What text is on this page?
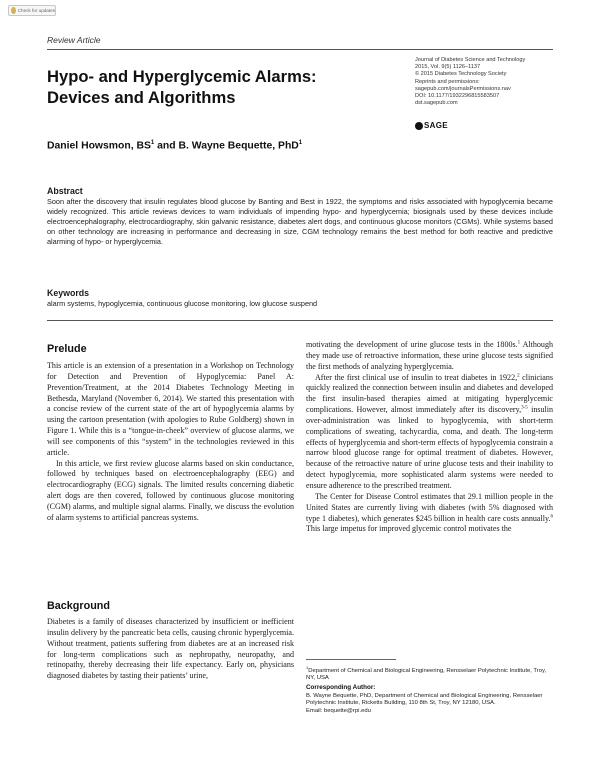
Check for updates
Review Article
Hypo- and Hyperglycemic Alarms:
Devices and Algorithms
Journal of Diabetes Science and Technology
2015, Vol. 9(5) 1126–1137
© 2015 Diabetes Technology Society
Reprints and permissions:
sagepub.com/journalsPermissions.nav
DOI: 10.1177/1932296815583507
dst.sagepub.com
SAGE
Daniel Howsmon, $BS^1$ and B. Wayne Bequette, PhD$^1$
Abstract
Soon after the discovery that insulin regulates blood glucose by Banting and Best in 1922, the symptoms and risks associated with hypoglycemia became widely recognized. This article reviews devices to warn individuals of impending hypo- and hyperglycemia; biosignals used by these devices include electroencephalography, electrocardiography, skin galvanic resistance, diabetes alert dogs, and continuous glucose monitors (CGMs). While systems based on other technology are increasing in performance and decreasing in size, CGM technology remains the best method for both reactive and predictive alarming of hypo- or hyperglycemia.
Keywords
alarm systems, hypoglycemia, continuous glucose monitoring, low glucose suspend
Prelude

This article is an extension of a presentation in a Workshop on Technology for Detection and Prevention of Hypoglycemia: Panel A: Prevention/Treatment, at the 2014 Diabetes Technology Meeting in Bethesda, Maryland (November 6, 2014). We started this presentation with a concise review of the current state of the art of hypoglycemia alarms by using the cartoon presentation (with apologies to Rube Goldberg) shown in Figure 1. While this is a “tongue-in-cheek” overview of glucose alarms, we will see components of this “system” in the technologies reviewed in this article.

In this article, we first review glucose alarms based on skin conductance, followed by techniques based on electroencephalography (EEG) and electrocardiography (ECG) signals. The limited results concerning diabetic alert dogs are then covered, followed by continuous glucose monitoring (CGM) alarms, and multiple signal alarms. Finally, we discuss the evolution of alarm systems to artificial pancreas systems.

Background

Diabetes is a family of diseases characterized by insufficient or inefficient insulin delivery by the pancreatic beta cells, causing chronic hyperglycemia. Without treatment, patients suffering from diabetes are at an increased risk for long-term complications such as nephropathy, neuropathy, and retinopathy, thereby decreasing their life expectancy. Early on, physicians diagnosed diabetes by tasting their patients’ urine,

motivating the development of urine glucose tests in the 1800s.$^1$ Although they made use of retroactive information, these urine glucose tests signified the first methods of analyzing hyperglycemia.

After the first clinical use of insulin to treat diabetes in 1922,$^2$ clinicians quickly realized the connection between insulin and diabetes and developed the first insulin-based therapies aimed at mitigating hyperglycemic complications. However, almost immediately after its discovery,$^{3-5}$ insulin over-administration was linked to hypoglycemia, with short-term complications of sweating, tachycardia, coma, and death. The long-term effects of hyperglycemia and short-term effects of hypoglycemia constrain a narrow blood glucose range for optimal treatment of diabetes. However, because of the retroactive nature of urine glucose tests and their inability to detect hypoglycemia, more sophisticated alarm systems were needed to ensure adherence to the prescribed treatment.

The Center for Disease Control estimates that 29.1 million people in the United States are currently living with diabetes (with 5% diagnosed with type 1 diabetes), which generates $245 billion in health care costs annually.$^6$ This large impetus for improved glycemic control motivates the

$^1$Department of Chemical and Biological Engineering, Rensselaer Polytechnic Institute, Troy, NY, USA
Corresponding Author:
B. Wayne Bequette, PhD, Department of Chemical and Biological Engineering, Rensselaer Polytechnic Institute, Ricketts Building, 110 8th St, Troy, NY 12180, USA.
Email: bequette@rpi.edu
